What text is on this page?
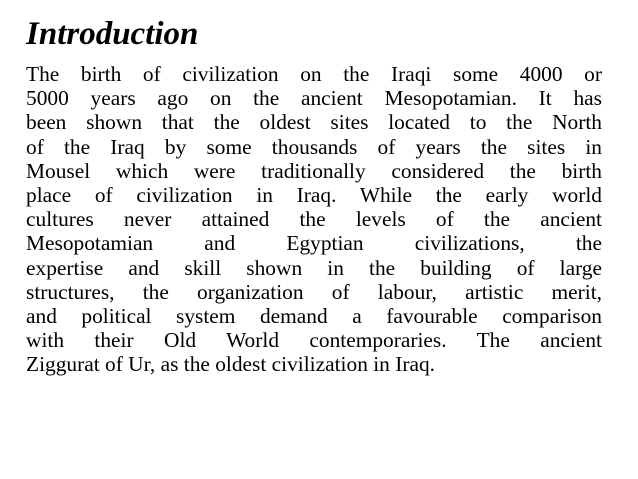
Introduction
The birth of civilization on the Iraqi some 4000 or
5000 years ago on the ancient Mesopotamian. It has
been shown that the oldest sites located to the North
of the Iraq by some thousands of years the sites in
Mousel which were traditionally considered the birth
place of civilization in Iraq. While the early world
cultures never attained the levels of the ancient
Mesopotamian and Egyptian civilizations, the
expertise and skill shown in the building of large
structures, the organization of labour, artistic merit,
and political system demand a favourable comparison
with their Old World contemporaries. The ancient
Ziggurat of Ur, as the oldest civilization in Iraq.
